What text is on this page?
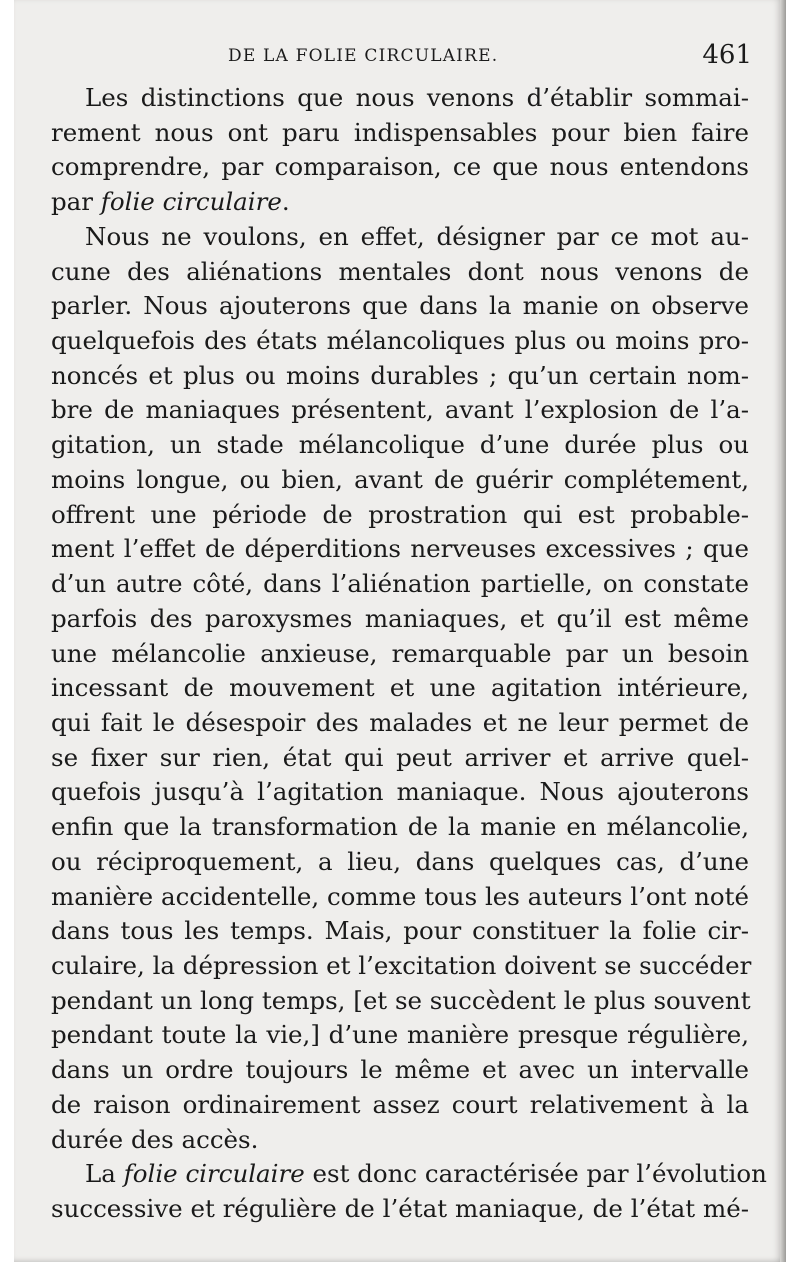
DE LA FOLIE CIRCULAIRE.	461
Les distinctions que nous venons d’établir sommai-
rement nous ont paru indispensables pour bien faire
comprendre, par comparaison, ce que nous entendons
par folie circulaire.
Nous ne voulons, en effet, désigner par ce mot au-
cune des aliénations mentales dont nous venons de
parler. Nous ajouterons que dans la manie on observe
quelquefois des états mélancoliques plus ou moins pro-
noncés et plus ou moins durables ; qu’un certain nom-
bre de maniaques présentent, avant l’explosion de l’a-
gitation, un stade mélancolique d’une durée plus ou
moins longue, ou bien, avant de guérir complétement,
offrent une période de prostration qui est probable-
ment l’effet de déperditions nerveuses excessives ; que
d’un autre côté, dans l’aliénation partielle, on constate
parfois des paroxysmes maniaques, et qu’il est même
une mélancolie anxieuse, remarquable par un besoin
incessant de mouvement et une agitation intérieure,
qui fait le désespoir des malades et ne leur permet de
se fixer sur rien, état qui peut arriver et arrive quel-
quefois jusqu’à l’agitation maniaque. Nous ajouterons
enfin que la transformation de la manie en mélancolie,
ou réciproquement, a lieu, dans quelques cas, d’une
manière accidentelle, comme tous les auteurs l’ont noté
dans tous les temps. Mais, pour constituer la folie cir-
culaire, la dépression et l’excitation doivent se succéder
pendant un long temps, [et se succèdent le plus souvent
pendant toute la vie,] d’une manière presque régulière,
dans un ordre toujours le même et avec un intervalle
de raison ordinairement assez court relativement à la
durée des accès.
La folie circulaire est donc caractérisée par l’évolution
successive et régulière de l’état maniaque, de l’état mé-
